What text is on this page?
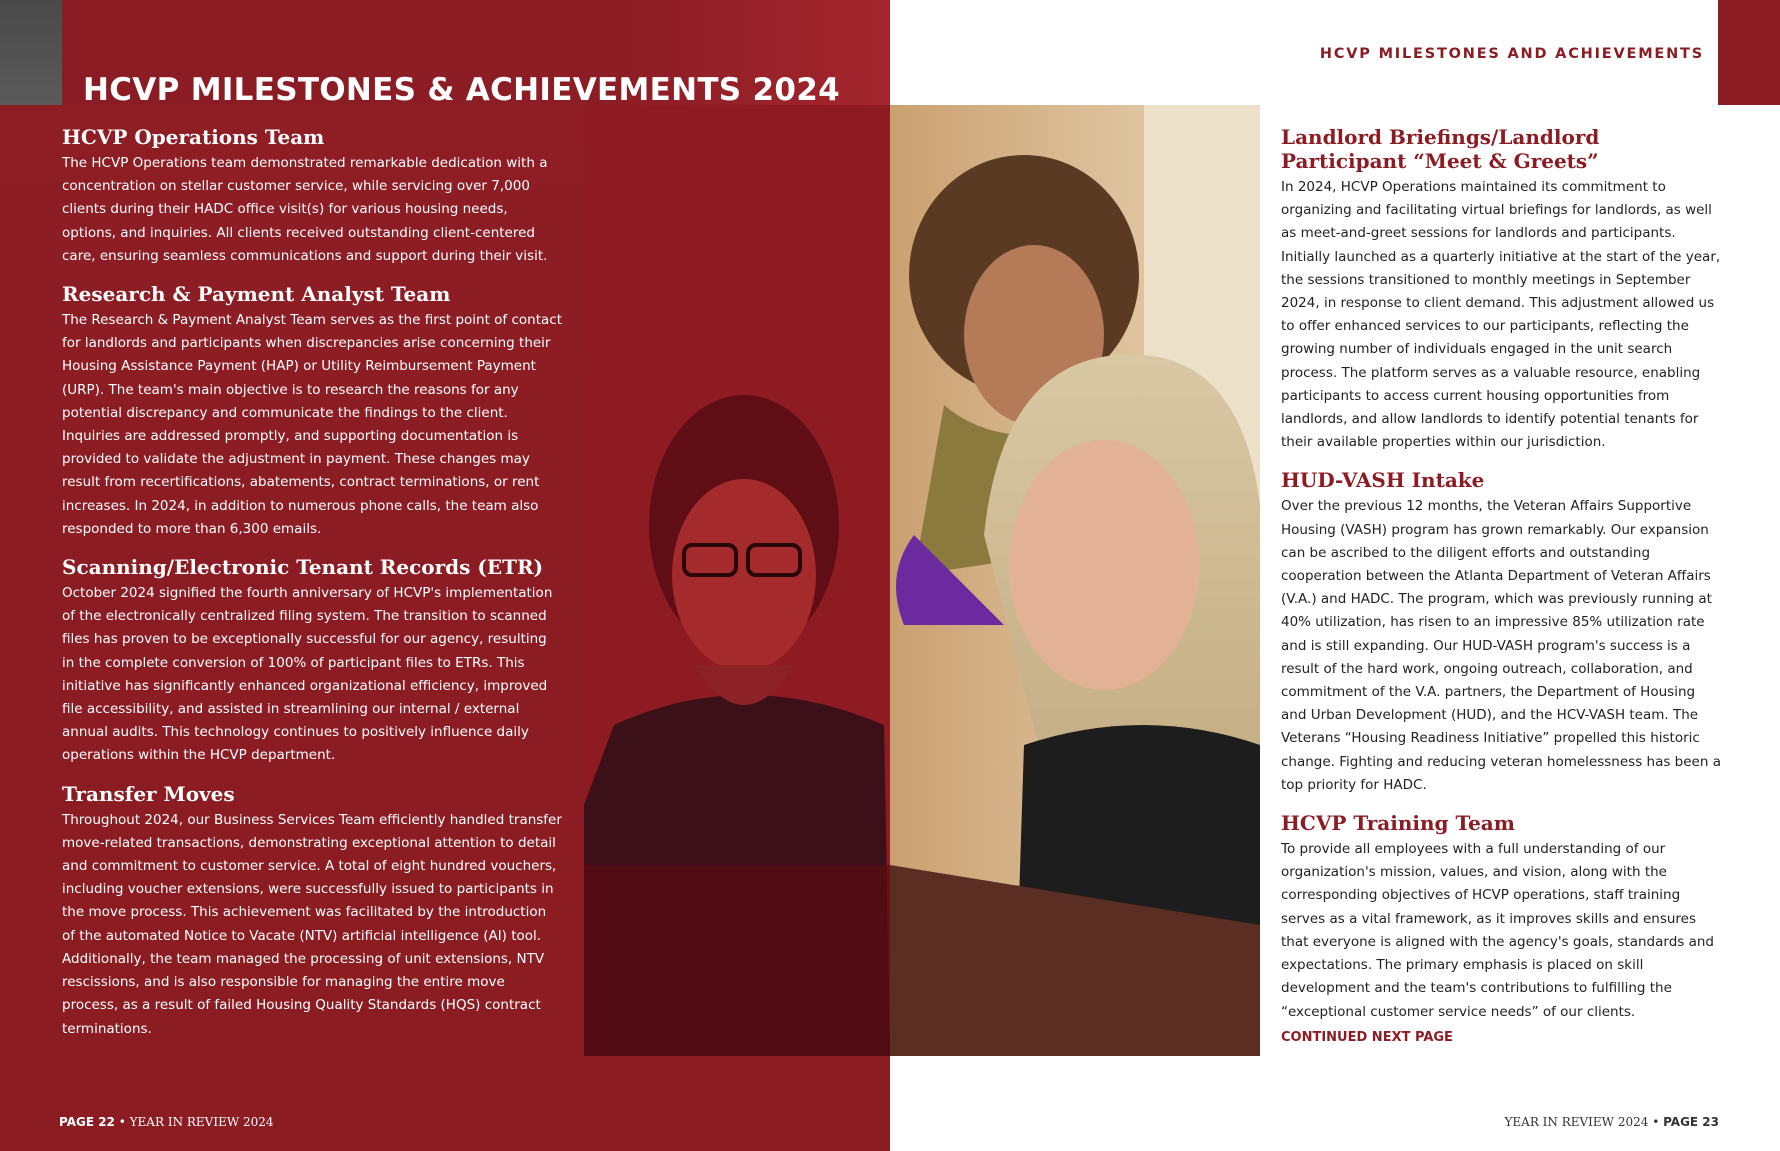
HCVP MILESTONES & ACHIEVEMENTS 2024
HCVP Operations Team

The HCVP Operations team demonstrated remarkable dedication with a concentration on stellar customer service, while servicing over 7,000 clients during their HADC office visit(s) for various housing needs, options, and inquiries. All clients received outstanding client-centered care, ensuring seamless communications and support during their visit.

Research & Payment Analyst Team

The Research & Payment Analyst Team serves as the first point of contact for landlords and participants when discrepancies arise concerning their Housing Assistance Payment (HAP) or Utility Reimbursement Payment (URP). The team's main objective is to research the reasons for any potential discrepancy and communicate the findings to the client. Inquiries are addressed promptly, and supporting documentation is provided to validate the adjustment in payment. These changes may result from recertifications, abatements, contract terminations, or rent increases. In 2024, in addition to numerous phone calls, the team also responded to more than 6,300 emails.

Scanning/Electronic Tenant Records (ETR)

October 2024 signified the fourth anniversary of HCVP's implementation of the electronically centralized filing system. The transition to scanned files has proven to be exceptionally successful for our agency, resulting in the complete conversion of 100% of participant files to ETRs. This initiative has significantly enhanced organizational efficiency, improved file accessibility, and assisted in streamlining our internal / external annual audits. This technology continues to positively influence daily operations within the HCVP department.

Transfer Moves

Throughout 2024, our Business Services Team efficiently handled transfer move-related transactions, demonstrating exceptional attention to detail and commitment to customer service. A total of eight hundred vouchers, including voucher extensions, were successfully issued to participants in the move process. This achievement was facilitated by the introduction of the automated Notice to Vacate (NTV) artificial intelligence (AI) tool. Additionally, the team managed the processing of unit extensions, NTV rescissions, and is also responsible for managing the entire move process, as a result of failed Housing Quality Standards (HQS) contract terminations.

PAGE 22 • YEAR IN REVIEW 2024
HCVP MILESTONES AND ACHIEVEMENTS
Landlord Briefings/Landlord Participant “Meet & Greets”

In 2024, HCVP Operations maintained its commitment to organizing and facilitating virtual briefings for landlords, as well as meet-and-greet sessions for landlords and participants. Initially launched as a quarterly initiative at the start of the year, the sessions transitioned to monthly meetings in September 2024, in response to client demand. This adjustment allowed us to offer enhanced services to our participants, reflecting the growing number of individuals engaged in the unit search process. The platform serves as a valuable resource, enabling participants to access current housing opportunities from landlords, and allow landlords to identify potential tenants for their available properties within our jurisdiction.

HUD-VASH Intake

Over the previous 12 months, the Veteran Affairs Supportive Housing (VASH) program has grown remarkably. Our expansion can be ascribed to the diligent efforts and outstanding cooperation between the Atlanta Department of Veteran Affairs (V.A.) and HADC. The program, which was previously running at 40% utilization, has risen to an impressive 85% utilization rate and is still expanding. Our HUD-VASH program's success is a result of the hard work, ongoing outreach, collaboration, and commitment of the V.A. partners, the Department of Housing and Urban Development (HUD), and the HCV-VASH team. The Veterans “Housing Readiness Initiative” propelled this historic change. Fighting and reducing veteran homelessness has been a top priority for HADC.

HCVP Training Team

To provide all employees with a full understanding of our organization's mission, values, and vision, along with the corresponding objectives of HCVP operations, staff training serves as a vital framework, as it improves skills and ensures that everyone is aligned with the agency's goals, standards and expectations. The primary emphasis is placed on skill development and the team's contributions to fulfilling the “exceptional customer service needs” of our clients.

CONTINUED NEXT PAGE
YEAR IN REVIEW 2024 • PAGE 23
